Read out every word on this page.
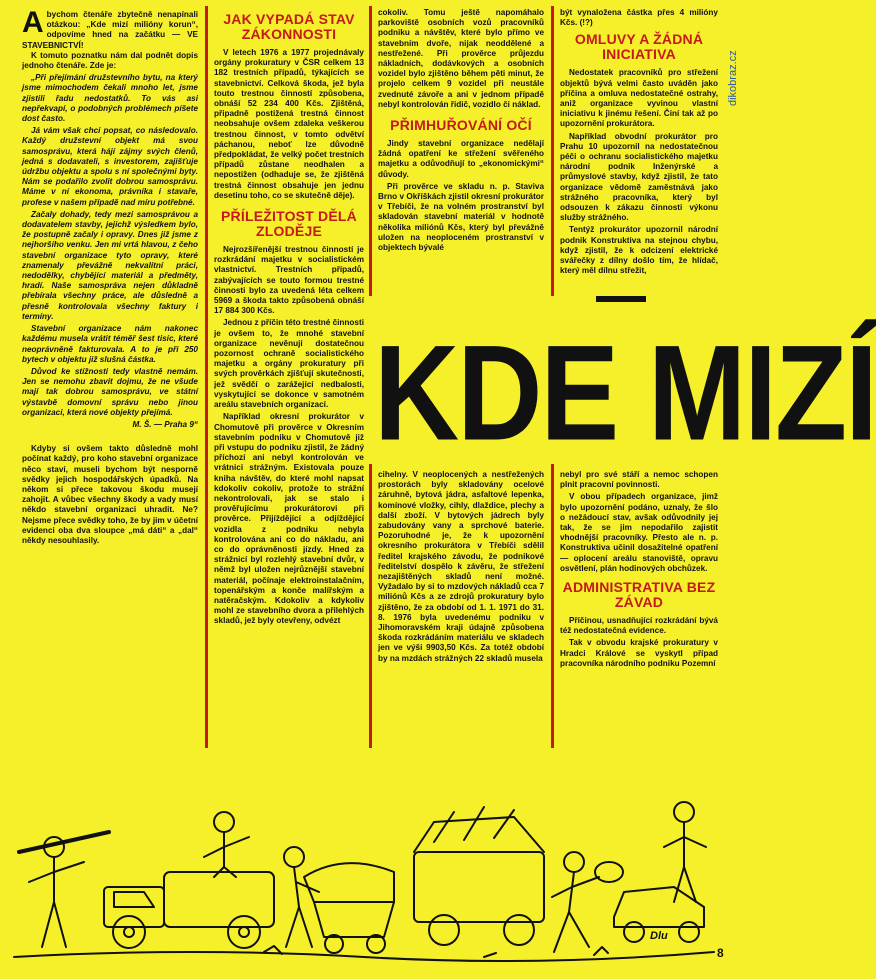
dikobraz.cz
A bychom čtenáře zbytečně nenapínali otázkou: „Kde mizí milióny korun“, odpovíme hned na začátku — VE STAVEBNICTVÍ!

K tomuto poznatku nám dal podnět dopis jednoho čtenáře. Zde je:

„Při přejímání družstevního bytu, na který jsme mimochodem čekali mnoho let, jsme zjistili řadu nedostatků. To vás asi nepřekvapí, o podobných problémech píšete dost často.

Já vám však chci popsat, co následovalo. Každý družstevní objekt má svou samosprávu, která hájí zájmy svých členů, jedná s dodavateli, s investorem, zajišťuje údržbu objektu a spolu s ní společnými byty. Nám se podařilo zvolit dobrou samosprávu. Máme v ní ekonoma, právníka i stavaře, profese v našem případě nad míru potřebné.

Začaly dohady, tedy mezi samosprávou a dodavatelem stavby, jejichž výsledkem bylo, že postupně začaly i opravy. Dnes již jsme z nejhoršího venku. Jen mi vrtá hlavou, z čeho stavební organizace tyto opravy, které znamenaly převážně nekvalitní práci, nedodělky, chybějící materiál a předměty, hradí. Naše samospráva nejen důkladně přebírala všechny práce, ale důsledně a přesně kontrolovala všechny faktury i termíny.

Stavební organizace nám nakonec každému musela vrátit téměř šest tisíc, které neoprávněně fakturovala. A to je při 250 bytech v objektu již slušná částka.

Důvod ke stížnosti tedy vlastně nemám. Jen se nemohu zbavit dojmu, že ne všude mají tak dobrou samosprávu, ve státní výstavbě domovní správu nebo jinou organizaci, která nové objekty přejímá.

M. Š. — Praha 9“

Kdyby si ovšem takto důsledně mohl počínat každý, pro koho stavební organizace něco staví, museli bychom být nesporně svědky jejich hospodářských úpadků. Na někom si přece takovou škodu musejí zahojit. A vůbec všechny škody a vady musí někdo stavební organizaci uhradit. Ne? Nejsme přece svědky toho, že by jim v účetní evidenci oba dva sloupce „má dáti“ a „dal“ někdy nesouhlasily.

JAK VYPADÁ STAV ZÁKONNOSTI

V letech 1976 a 1977 projednávaly orgány prokuratury v ČSR celkem 13 182 trestních případů, týkajících se stavebnictví. Celková škoda, jež byla touto trestnou činností způsobena, obnáší 52 234 400 Kčs. Zjištěná, připadně postižená trestná činnost neobsahuje ovšem zdaleka veškerou trestnou činnost, v tomto odvětví páchanou, neboť lze důvodně předpokládat, že velký počet trestních případů zůstane neodhalen a nepostižen (odhaduje se, že zjištěná trestná činnost obsahuje jen jednu desetinu toho, co se skutečně děje).

PŘÍLEŽITOST DĚLÁ ZLODĚJE

Nejrozšířenější trestnou činností je rozkrádání majetku v socialistickém vlastnictví. Trestních případů, zabývajících se touto formou trestné činnosti bylo za uvedená léta celkem 5969 a škoda takto způsobená obnáší 17 884 300 Kčs.

Jednou z příčin této trestné činnosti je ovšem to, že mnohé stavební organizace nevěnují dostatečnou pozornost ochraně socialistického majetku a orgány prokuratury při svých prověrkách zjišťují skutečnosti, jež svědčí o zarážející nedbalosti, vyskytující se dokonce v samotném areálu stavebních organizací.

Například okresní prokurátor v Chomutově při prověrce v Okresním stavebním podniku v Chomutově již při vstupu do podniku zjistil, že žádný příchozí ani nebyl kontrolován ve vrátnici strážným. Existovala pouze kniha návštěv, do které mohl napsat kdokoliv cokoliv, protože to strážní nekontrolovali, jak se stalo i prověřujícímu prokurátorovi při prověrce. Přijíždějící a odjíždějící vozidla z podniku nebyla kontrolována ani co do nákladu, ani co do oprávněnosti jízdy. Hned za strážnicí byl rozlehlý stavební dvůr, v němž byl uložen nejrůznější stavební materiál, počínaje elektroinstalačním, topenářským a konče malířským a natěračským. Kdokoliv a kdykoliv mohl ze stavebního dvora a přilehlých skladů, jež byly otevřeny, odvézt

cokoliv. Tomu ještě napomáhalo parkoviště osobních vozů pracovníků podniku a návštěv, které bylo přímo ve stavebním dvoře, nijak neoddělené a nestřežené. Při prověrce průjezdu nákladních, dodávkových a osobních vozidel bylo zjištěno během pěti minut, že projelo celkem 9 vozidel při neustále zvednuté závoře a ani v jednom případě nebyl kontrolován řidič, vozidlo či náklad.

PŘIMHUŘOVÁNÍ OČÍ

Jindy stavební organizace nedělají žádná opatření ke střežení svěřeného majetku a odůvodňují to „ekonomickými“ důvody.

Při prověrce ve skladu n. p. Staviva Brno v Okříškách zjistil okresní prokurátor v Třebíči, že na volném prostranství byl skladován stavební materiál v hodnotě několika miliónů Kčs, který byl převážně uložen na neoploceném prostranství v objektech bývalé

být vynaložena částka přes 4 milióny Kčs. (!?)

OMLUVY A ŽÁDNÁ INICIATIVA

Nedostatek pracovníků pro střežení objektů bývá velmi často uváděn jako příčina a omluva nedostatečné ostrahy, aniž organizace vyvinou vlastní iniciativu k jinému řešení. Činí tak až po upozornění prokurátora.

Například obvodní prokurátor pro Prahu 10 upozornil na nedostatečnou péči o ochranu socialistického majetku národní podnik Inženýrské a průmyslové stavby, když zjistil, že tato organizace vědomě zaměstnává jako strážného pracovníka, který byl odsouzen k zákazu činnosti výkonu služby strážného.

Tentýž prokurátor upozornil národní podnik Konstruktiva na stejnou chybu, když zjistil, že k odcizení elektrické svářečky z dílny došlo tím, že hlídač, který měl dílnu střežit,

KDE MIZÍ

cihelny. V neoplocených a nestřežených prostorách byly skladovány ocelové záruhně, bytová jádra, asfaltové lepenka, komínové vložky, cihly, dlaždice, plechy a další zboží. V bytových jádrech byly zabudovány vany a sprchové baterie. Pozoruhodné je, že k upozornění okresního prokurátora v Třebíči sdělil ředitel krajského závodu, že podnikové ředitelství dospělo k závěru, že střežení nezajištěných skladů není možné. Vyžadalo by si to mzdových nákladů cca 7 miliónů Kčs a ze zdrojů prokuratury bylo zjištěno, že za období od 1. 1. 1971 do 31. 8. 1976 byla uvedenému podniku v Jihomoravském kraji údajně způsobena škoda rozkrádáním materiálu ve skladech jen ve výši 9903,50 Kčs. Za totéž období by na mzdách strážných 22 skladů musela

nebyl pro své stáří a nemoc schopen plnit pracovní povinnosti.

V obou případech organizace, jimž bylo upozornění podáno, uznaly, že šlo o nežádoucí stav, avšak odůvodnily jej tak, že se jim nepodařilo zajistit vhodnější pracovníky. Přesto ale n. p. Konstruktiva učinil dosažitelné opatření — oplocení areálu stanoviště, opravu osvětlení, plán hodinových obchůzek.

ADMINISTRATIVA BEZ ZÁVAD

Příčinou, usnadňující rozkrádání bývá též nedostatečná evidence.

Tak v obvodu krajské prokuratury v Hradci Králové se vyskytl případ pracovníka národního podniku Pozemní

Dlu
8
